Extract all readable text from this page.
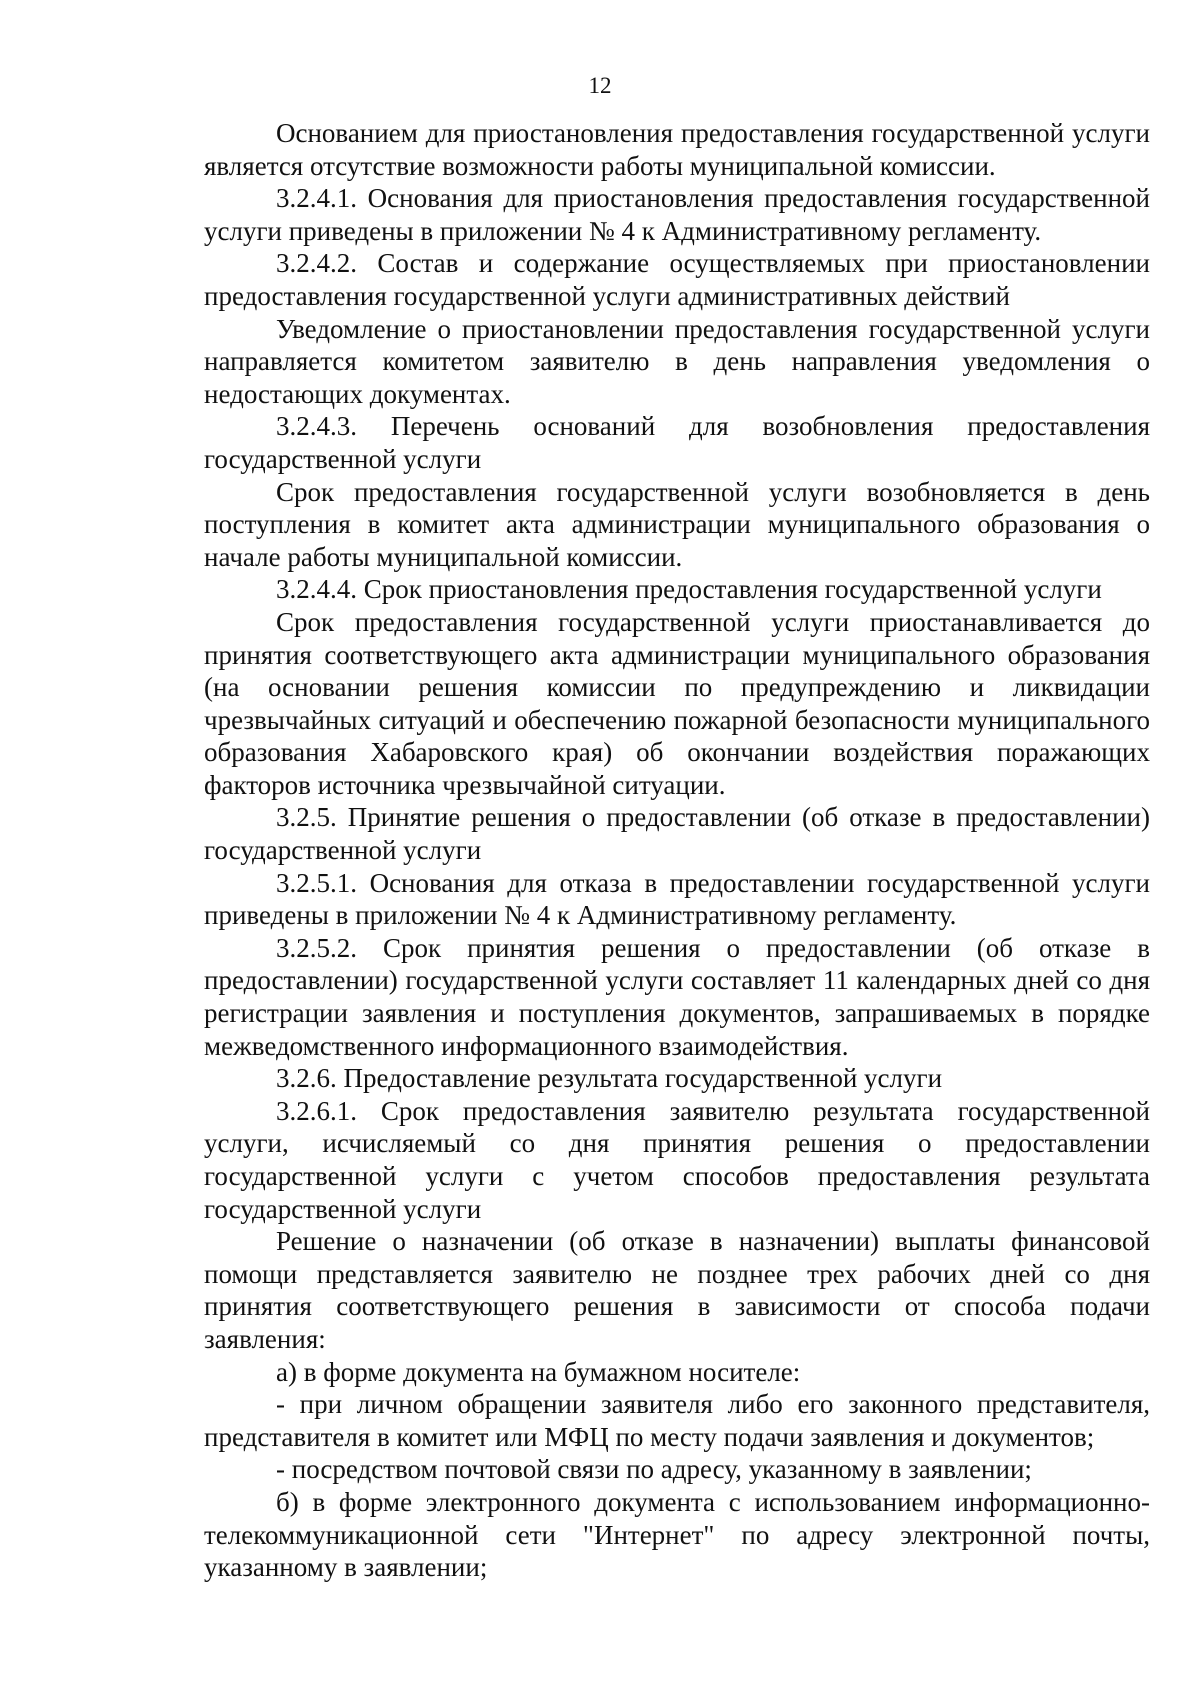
12

Основанием для приостановления предоставления государственной услуги является отсутствие возможности работы муниципальной комиссии.

3.2.4.1. Основания для приостановления предоставления государственной услуги приведены в приложении № 4 к Административному регламенту.

3.2.4.2. Состав и содержание осуществляемых при приостановлении предоставления государственной услуги административных действий

Уведомление о приостановлении предоставления государственной услуги направляется комитетом заявителю в день направления уведомления о недостающих документах.

3.2.4.3. Перечень оснований для возобновления предоставления государственной услуги

Срок предоставления государственной услуги возобновляется в день поступления в комитет акта администрации муниципального образования о начале работы муниципальной комиссии.

3.2.4.4. Срок приостановления предоставления государственной услуги

Срок предоставления государственной услуги приостанавливается до принятия соответствующего акта администрации муниципального образования (на основании решения комиссии по предупреждению и ликвидации чрезвычайных ситуаций и обеспечению пожарной безопасности муниципального образования Хабаровского края) об окончании воздействия поражающих факторов источника чрезвычайной ситуации.

3.2.5. Принятие решения о предоставлении (об отказе в предоставлении) государственной услуги

3.2.5.1. Основания для отказа в предоставлении государственной услуги приведены в приложении № 4 к Административному регламенту.

3.2.5.2. Срок принятия решения о предоставлении (об отказе в предоставлении) государственной услуги составляет 11 календарных дней со дня регистрации заявления и поступления документов, запрашиваемых в порядке межведомственного информационного взаимодействия.

3.2.6. Предоставление результата государственной услуги

3.2.6.1. Срок предоставления заявителю результата государственной услуги, исчисляемый со дня принятия решения о предоставлении государственной услуги с учетом способов предоставления результата государственной услуги

Решение о назначении (об отказе в назначении) выплаты финансовой помощи представляется заявителю не позднее трех рабочих дней со дня принятия соответствующего решения в зависимости от способа подачи заявления:

а) в форме документа на бумажном носителе:

- при личном обращении заявителя либо его законного представителя, представителя в комитет или МФЦ по месту подачи заявления и документов;

- посредством почтовой связи по адресу, указанному в заявлении;

б) в форме электронного документа с использованием информационно-телекоммуникационной сети "Интернет" по адресу электронной почты, указанному в заявлении;
